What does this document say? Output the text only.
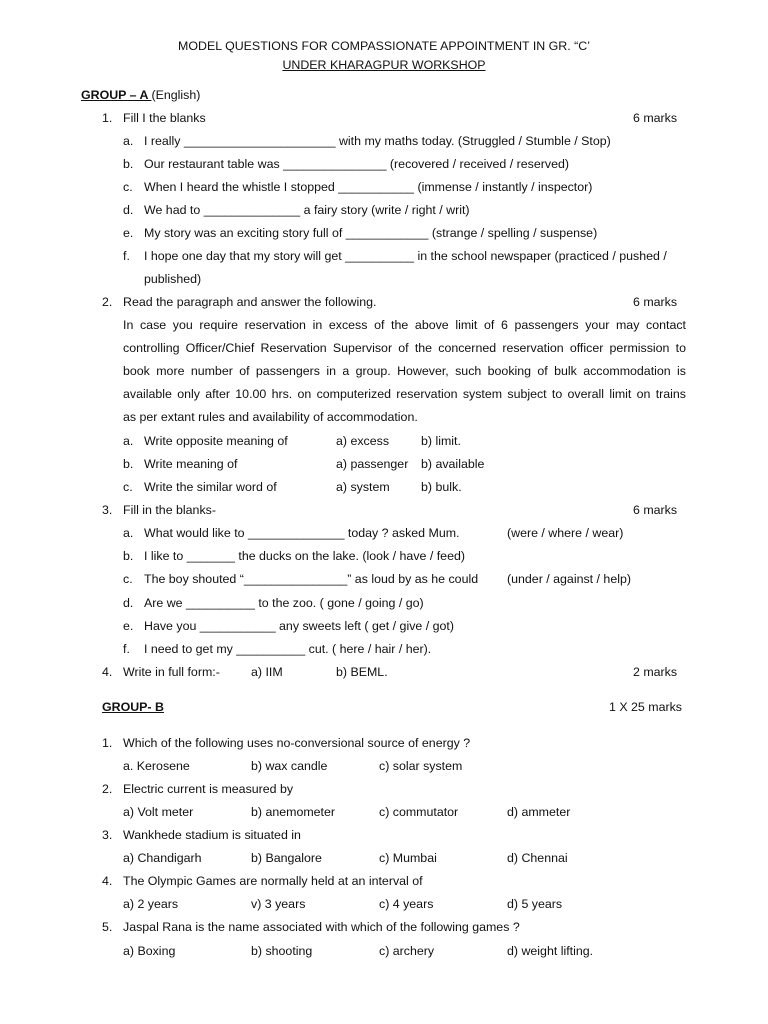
MODEL QUESTIONS FOR COMPASSIONATE APPOINTMENT IN GR. “C’
UNDER KHARAGPUR WORKSHOP
GROUP – A (English)
1. Fill I the blanks	6 marks
a. I really ______________________ with my maths today. (Struggled / Stumble / Stop)
b. Our restaurant table was _______________ (recovered / received / reserved)
c. When I heard the whistle I stopped ___________ (immense / instantly / inspector)
d. We had to ______________ a fairy story (write / right / writ)
e. My story was an exciting story full of ____________ (strange / spelling / suspense)
f. I hope one day that my story will get __________ in the school newspaper (practiced / pushed /
published)
2. Read the paragraph and answer the following.	6 marks
In case you require reservation in excess of the above limit of 6 passengers your may contact
controlling Officer/Chief Reservation Supervisor of the concerned reservation officer permission to
book more number of passengers in a group. However, such booking of bulk accommodation is
available only after 10.00 hrs. on computerized reservation system subject to overall limit on trains
as per extant rules and availability of accommodation.
a. Write opposite meaning of	a) excess	b) limit.
b. Write meaning of	a) passenger b) available
c. Write the similar word of	a) system	b) bulk.
3. Fill in the blanks-	6 marks
a. What would like to ______________ today ? asked Mum.	(were / where / wear)
b. I like to _______ the ducks on the lake. (look / have / feed)
c. The boy shouted “_______________” as loud by as he could (under / against / help)
d. Are we __________ to the zoo. ( gone / going / go)
e. Have you ___________ any sweets left ( get / give / got)
f. I need to get my __________ cut. ( here / hair / her).
4. Write in full form:-	a) IIM	b) BEML.	2 marks
GROUP- B	1 X 25 marks
1. Which of the following uses no-conversional source of energy ?
a. Kerosene	b) wax candle	c) solar system
2. Electric current is measured by
a) Volt meter	b) anemometer	c) commutator	d) ammeter
3. Wankhede stadium is situated in
a) Chandigarh	b) Bangalore	c) Mumbai	d) Chennai
4. The Olympic Games are normally held at an interval of
a) 2 years	v) 3 years	c) 4 years	d) 5 years
5. Jaspal Rana is the name associated with which of the following games ?
a) Boxing	b) shooting	c) archery	d) weight lifting.
